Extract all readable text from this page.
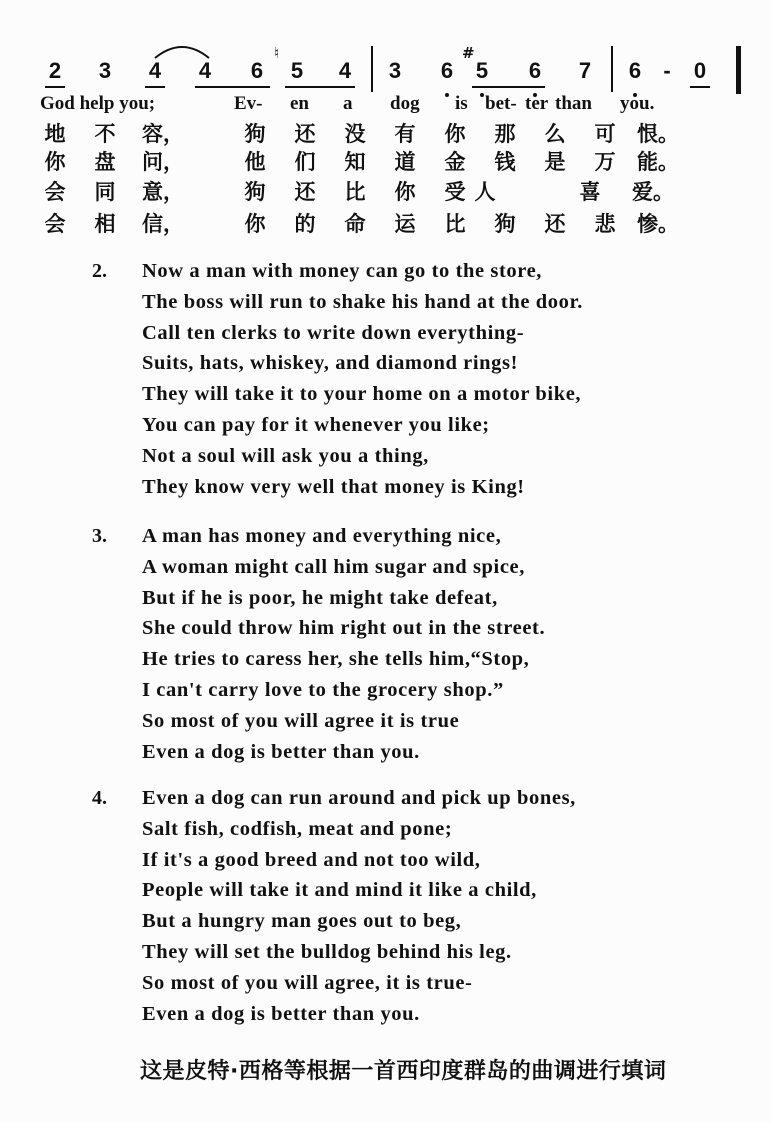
2 3 4 4 6 5 4 3 6 5 6 7 6 - 0
♮	#
God help you;	Ev- en a dog is bet- ter than you.
地 不 容，	狗 还 没 有 你 那 么 可 恨。
你 盘 问，	他 们 知 道 金 钱 是 万 能。
会 同 意，	狗 还 比 你 受 人	喜 爱。
会 相 信，	你 的 命 运 比 狗 还 悲 惨。
2. Now a man with money can go to the store,
The boss will run to shake his hand at the door.
Call ten clerks to write down everything-
Suits, hats, whiskey, and diamond rings!
They will take it to your home on a motor bike,
You can pay for it whenever you like;
Not a soul will ask you a thing,
They know very well that money is King!
3. A man has money and everything nice,
A woman might call him sugar and spice,
But if he is poor, he might take defeat,
She could throw him right out in the street.
He tries to caress her, she tells him,“Stop,
I can't carry love to the grocery shop.”
So most of you will agree it is true
Even a dog is better than you.
4. Even a dog can run around and pick up bones,
Salt fish, codfish, meat and pone;
If it's a good breed and not too wild,
People will take it and mind it like a child,
But a hungry man goes out to beg,
They will set the bulldog behind his leg.
So most of you will agree, it is true-
Even a dog is better than you.
这是皮特·西格等根据一首西印度群岛的曲调进行填词
